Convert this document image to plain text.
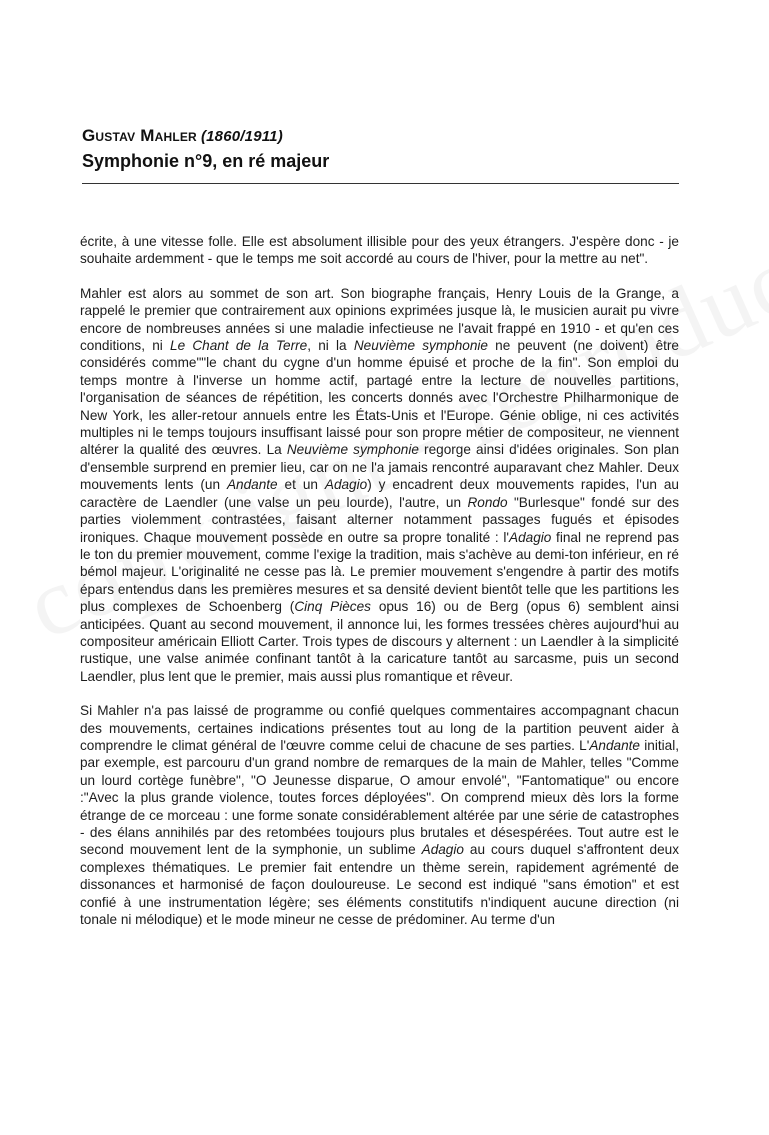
Gustav Mahler (1860/1911)
Symphonie n°9, en ré majeur

écrite, à une vitesse folle. Elle est absolument illisible pour des yeux étrangers. J'espère donc - je souhaite ardemment - que le temps me soit accordé au cours de l'hiver, pour la mettre au net".

Mahler est alors au sommet de son art. Son biographe français, Henry Louis de la Grange, a rappelé le premier que contrairement aux opinions exprimées jusque là, le musicien aurait pu vivre encore de nombreuses années si une maladie infectieuse ne l'avait frappé en 1910 - et qu'en ces conditions, ni Le Chant de la Terre, ni la Neuvième symphonie ne peuvent (ne doivent) être considérés comme""le chant du cygne d'un homme épuisé et proche de la fin". Son emploi du temps montre à l'inverse un homme actif, partagé entre la lecture de nouvelles partitions, l'organisation de séances de répétition, les concerts donnés avec l'Orchestre Philharmonique de New York, les aller-retour annuels entre les États-Unis et l'Europe. Génie oblige, ni ces activités multiples ni le temps toujours insuffisant laissé pour son propre métier de compositeur, ne viennent altérer la qualité des œuvres. La Neuvième symphonie regorge ainsi d'idées originales. Son plan d'ensemble surprend en premier lieu, car on ne l'a jamais rencontré auparavant chez Mahler. Deux mouvements lents (un Andante et un Adagio) y encadrent deux mouvements rapides, l'un au caractère de Laendler (une valse un peu lourde), l'autre, un Rondo "Burlesque" fondé sur des parties violemment contrastées, faisant alterner notamment passages fugués et épisodes ironiques. Chaque mouvement possède en outre sa propre tonalité : l'Adagio final ne reprend pas le ton du premier mouvement, comme l'exige la tradition, mais s'achève au demi-ton inférieur, en ré bémol majeur. L'originalité ne cesse pas là. Le premier mouvement s'engendre à partir des motifs épars entendus dans les premières mesures et sa densité devient bientôt telle que les partitions les plus complexes de Schoenberg (Cinq Pièces opus 16) ou de Berg (opus 6) semblent ainsi anticipées. Quant au second mouvement, il annonce lui, les formes tressées chères aujourd'hui au compositeur américain Elliott Carter. Trois types de discours y alternent : un Laendler à la simplicité rustique, une valse animée confinant tantôt à la caricature tantôt au sarcasme, puis un second Laendler, plus lent que le premier, mais aussi plus romantique et rêveur.

Si Mahler n'a pas laissé de programme ou confié quelques commentaires accompagnant chacun des mouvements, certaines indications présentes tout au long de la partition peuvent aider à comprendre le climat général de l'œuvre comme celui de chacune de ses parties. L'Andante initial, par exemple, est parcouru d'un grand nombre de remarques de la main de Mahler, telles "Comme un lourd cortège funèbre", "O Jeunesse disparue, O amour envolé", "Fantomatique" ou encore :"Avec la plus grande violence, toutes forces déployées". On comprend mieux dès lors la forme étrange de ce morceau : une forme sonate considérablement altérée par une série de catastrophes - des élans annihilés par des retombées toujours plus brutales et désespérées. Tout autre est le second mouvement lent de la symphonie, un sublime Adagio au cours duquel s'affrontent deux complexes thématiques. Le premier fait entendre un thème serein, rapidement agrémenté de dissonances et harmonisé de façon douloureuse. Le second est indiqué "sans émotion" et est confié à une instrumentation légère; ses éléments constitutifs n'indiquent aucune direction (ni tonale ni mélodique) et le mode mineur ne cesse de prédominer. Au terme d'un
